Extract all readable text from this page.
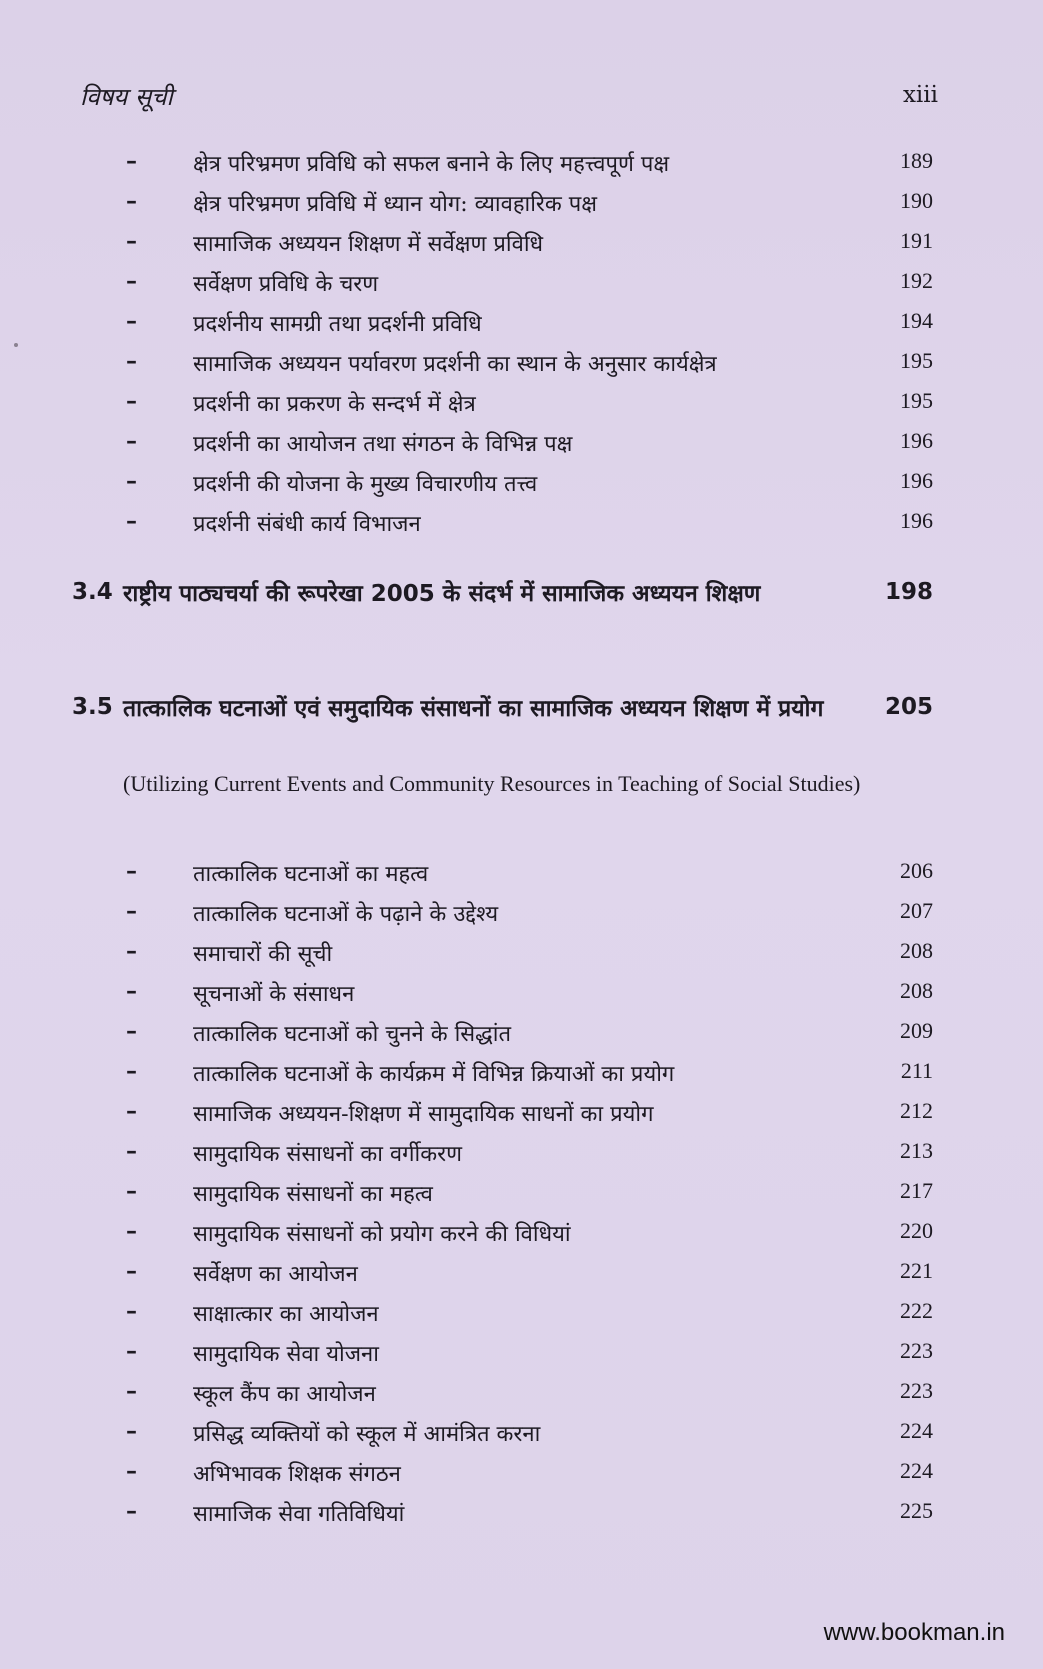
विषय सूची	xiii
–	क्षेत्र परिभ्रमण प्रविधि को सफल बनाने के लिए महत्त्वपूर्ण पक्ष	189
–	क्षेत्र परिभ्रमण प्रविधि में ध्यान योग: व्यावहारिक पक्ष	190
–	सामाजिक अध्ययन शिक्षण में सर्वेक्षण प्रविधि	191
–	सर्वेक्षण प्रविधि के चरण	192
–	प्रदर्शनीय सामग्री तथा प्रदर्शनी प्रविधि	194
–	सामाजिक अध्ययन पर्यावरण प्रदर्शनी का स्थान के अनुसार कार्यक्षेत्र	195
–	प्रदर्शनी का प्रकरण के सन्दर्भ में क्षेत्र	195
–	प्रदर्शनी का आयोजन तथा संगठन के विभिन्न पक्ष	196
–	प्रदर्शनी की योजना के मुख्य विचारणीय तत्त्व	196
–	प्रदर्शनी संबंधी कार्य विभाजन	196
3.4 राष्ट्रीय पाठ्यचर्या की रूपरेखा 2005 के संदर्भ में सामाजिक अध्ययन शिक्षण	198
3.5 तात्कालिक घटनाओं एवं समुदायिक संसाधनों का सामाजिक अध्ययन शिक्षण में प्रयोग	205
(Utilizing Current Events and Community Resources in Teaching of Social Studies)
–	तात्कालिक घटनाओं का महत्व	206
–	तात्कालिक घटनाओं के पढ़ाने के उद्देश्य	207
–	समाचारों की सूची	208
–	सूचनाओं के संसाधन	208
–	तात्कालिक घटनाओं को चुनने के सिद्धांत	209
–	तात्कालिक घटनाओं के कार्यक्रम में विभिन्न क्रियाओं का प्रयोग	211
–	सामाजिक अध्ययन-शिक्षण में सामुदायिक साधनों का प्रयोग	212
–	सामुदायिक संसाधनों का वर्गीकरण	213
–	सामुदायिक संसाधनों का महत्व	217
–	सामुदायिक संसाधनों को प्रयोग करने की विधियां	220
–	सर्वेक्षण का आयोजन	221
–	साक्षात्कार का आयोजन	222
–	सामुदायिक सेवा योजना	223
–	स्कूल कैंप का आयोजन	223
–	प्रसिद्ध व्यक्तियों को स्कूल में आमंत्रित करना	224
–	अभिभावक शिक्षक संगठन	224
–	सामाजिक सेवा गतिविधियां	225
www.bookman.in
